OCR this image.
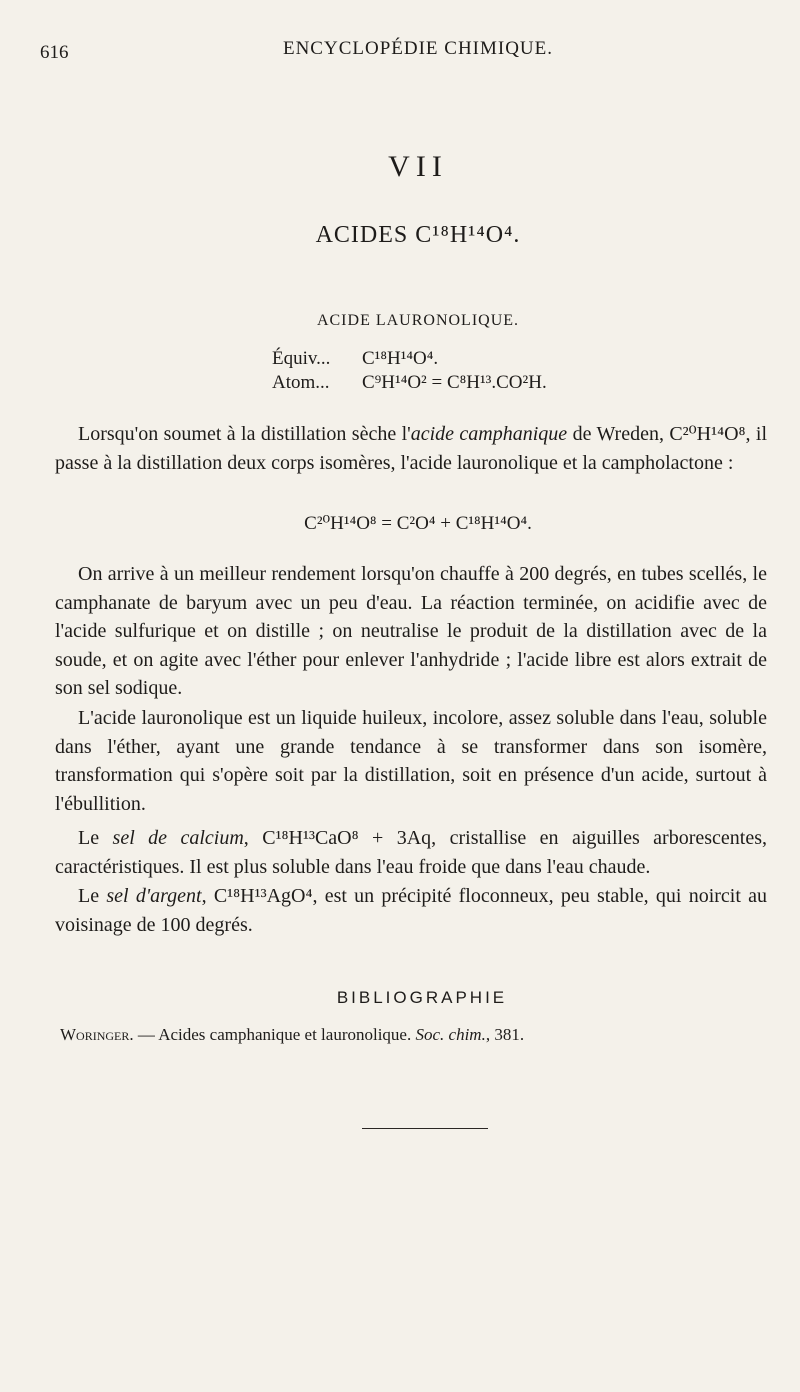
616	ENCYCLOPÉDIE CHIMIQUE.
VII
ACIDES C¹⁸H¹⁴O⁴.
ACIDE LAURONOLIQUE.
Équiv... C¹⁸H¹⁴O⁴.
Atom... C⁹H¹⁴O² = C⁸H¹³.CO²H.
Lorsqu'on soumet à la distillation sèche l'acide camphanique de Wreden, C²⁰H¹⁴O⁸, il passe à la distillation deux corps isomères, l'acide lauronolique et la campholactone :
C²⁰H¹⁴O⁸ = C²O⁴ + C¹⁸H¹⁴O⁴.
On arrive à un meilleur rendement lorsqu'on chauffe à 200 degrés, en tubes scellés, le camphanate de baryum avec un peu d'eau. La réaction terminée, on acidifie avec de l'acide sulfurique et on distille ; on neutralise le produit de la distillation avec de la soude, et on agite avec l'éther pour enlever l'anhydride ; l'acide libre est alors extrait de son sel sodique.
L'acide lauronolique est un liquide huileux, incolore, assez soluble dans l'eau, soluble dans l'éther, ayant une grande tendance à se transformer dans son isomère, transformation qui s'opère soit par la distillation, soit en présence d'un acide, surtout à l'ébullition.
Le sel de calcium, C¹⁸H¹³CaO⁸ + 3Aq, cristallise en aiguilles arborescentes, caractéristiques. Il est plus soluble dans l'eau froide que dans l'eau chaude.
Le sel d'argent, C¹⁸H¹³AgO⁴, est un précipité floconneux, peu stable, qui noircit au voisinage de 100 degrés.
BIBLIOGRAPHIE
Woringer. — Acides camphanique et lauronolique. Soc. chim., 381.
